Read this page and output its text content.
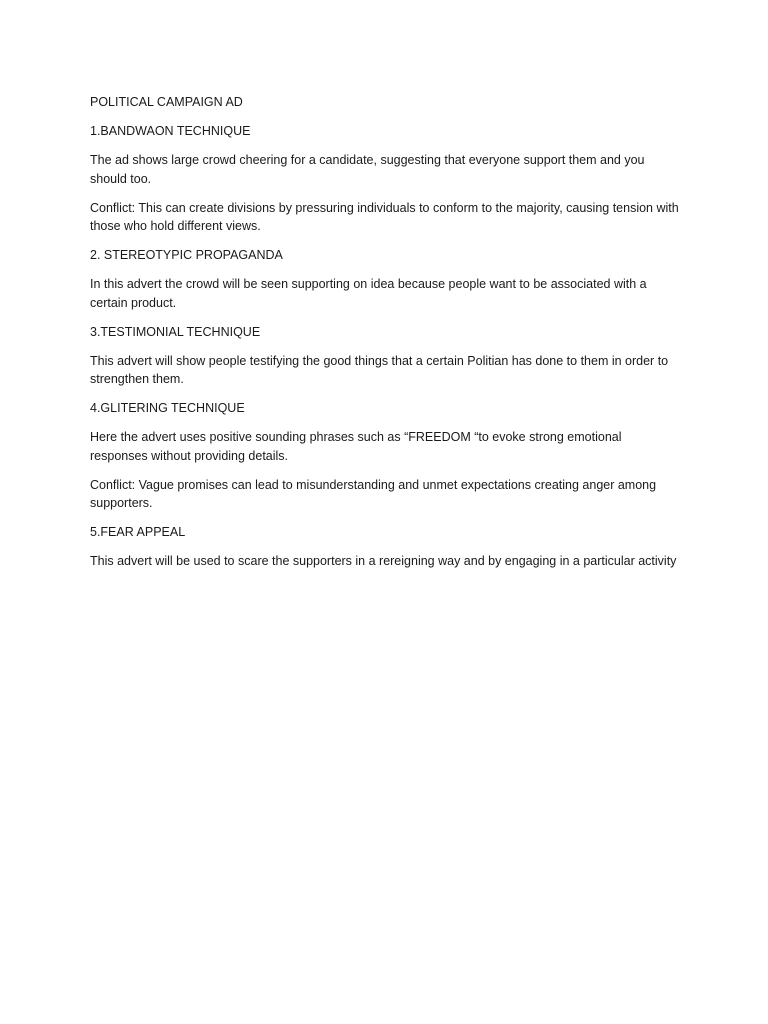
POLITICAL CAMPAIGN AD

1.BANDWAON TECHNIQUE

The ad shows large crowd cheering for a candidate, suggesting that everyone support them and you should too.

Conflict: This can create divisions by pressuring individuals to conform to the majority, causing tension with those who hold different views.

2. STEREOTYPIC PROPAGANDA

In this advert the crowd will be seen supporting on idea because people want to be associated with a certain product.

3.TESTIMONIAL TECHNIQUE

This advert will show people testifying the good things that a certain Politian has done to them in order to strengthen them.

4.GLITERING TECHNIQUE

Here the advert uses positive sounding phrases such as “FREEDOM “to evoke strong emotional responses without providing details.

Conflict: Vague promises can lead to misunderstanding and unmet expectations creating anger among supporters.

5.FEAR APPEAL

This advert will be used to scare the supporters in a rereigning way and by engaging in a particular activity
